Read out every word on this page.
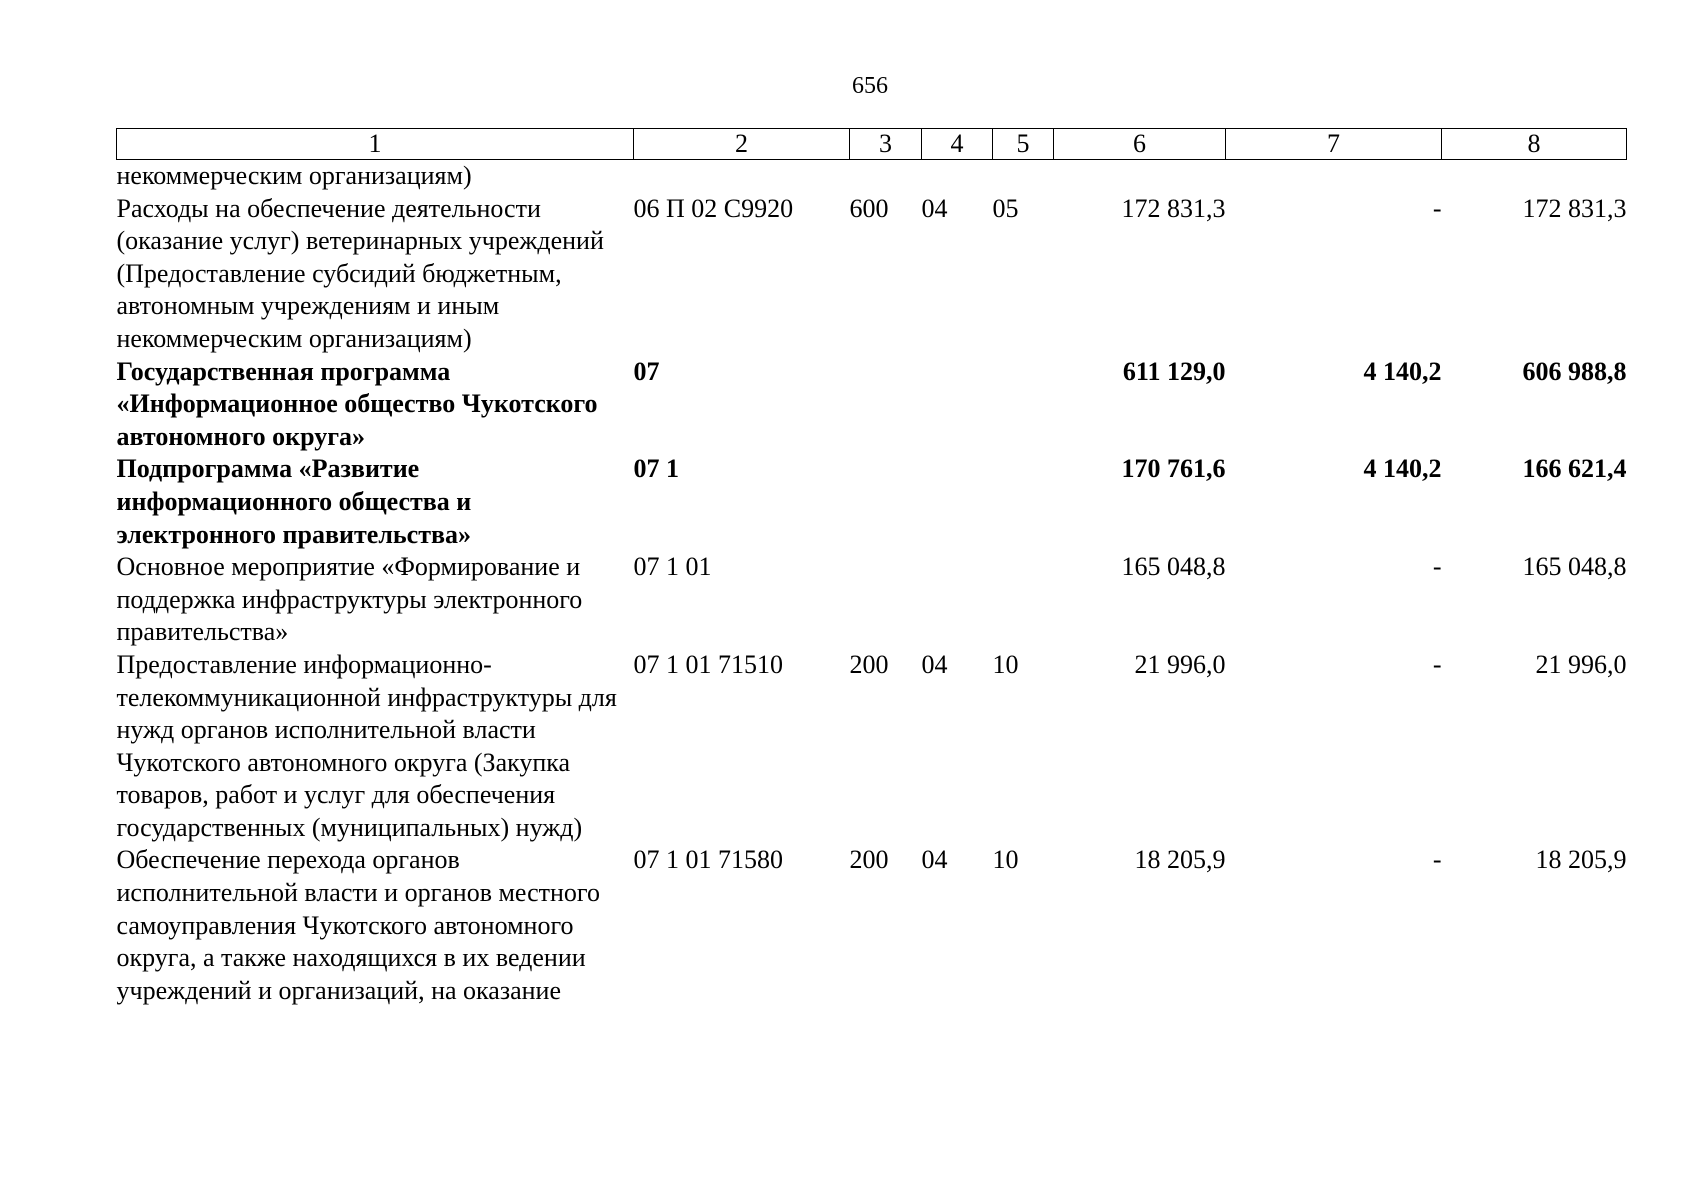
656
1	2	3	4	5	6	7	8
некоммерческим организациям)							
Расходы на обеспечение деятельности (оказание услуг) ветеринарных учреждений (Предоставление субсидий бюджетным, автономным учреждениям и иным некоммерческим организациям)	06 П 02 С9920	600	04	05	172 831,3	-	172 831,3
Государственная программа «Информационное общество Чукотского автономного округа»	07				611 129,0	4 140,2	606 988,8
Подпрограмма «Развитие информационного общества и электронного правительства»	07 1				170 761,6	4 140,2	166 621,4
Основное мероприятие «Формирование и поддержка инфраструктуры электронного правительства»	07 1 01				165 048,8	-	165 048,8
Предоставление информационно-телекоммуникационной инфраструктуры для нужд органов исполнительной власти Чукотского автономного округа (Закупка товаров, работ и услуг для обеспечения государственных (муниципальных) нужд)	07 1 01 71510	200	04	10	21 996,0	-	21 996,0
Обеспечение перехода органов исполнительной власти и органов местного самоуправления Чукотского автономного округа, а также находящихся в их ведении учреждений и организаций, на оказание	07 1 01 71580	200	04	10	18 205,9	-	18 205,9
